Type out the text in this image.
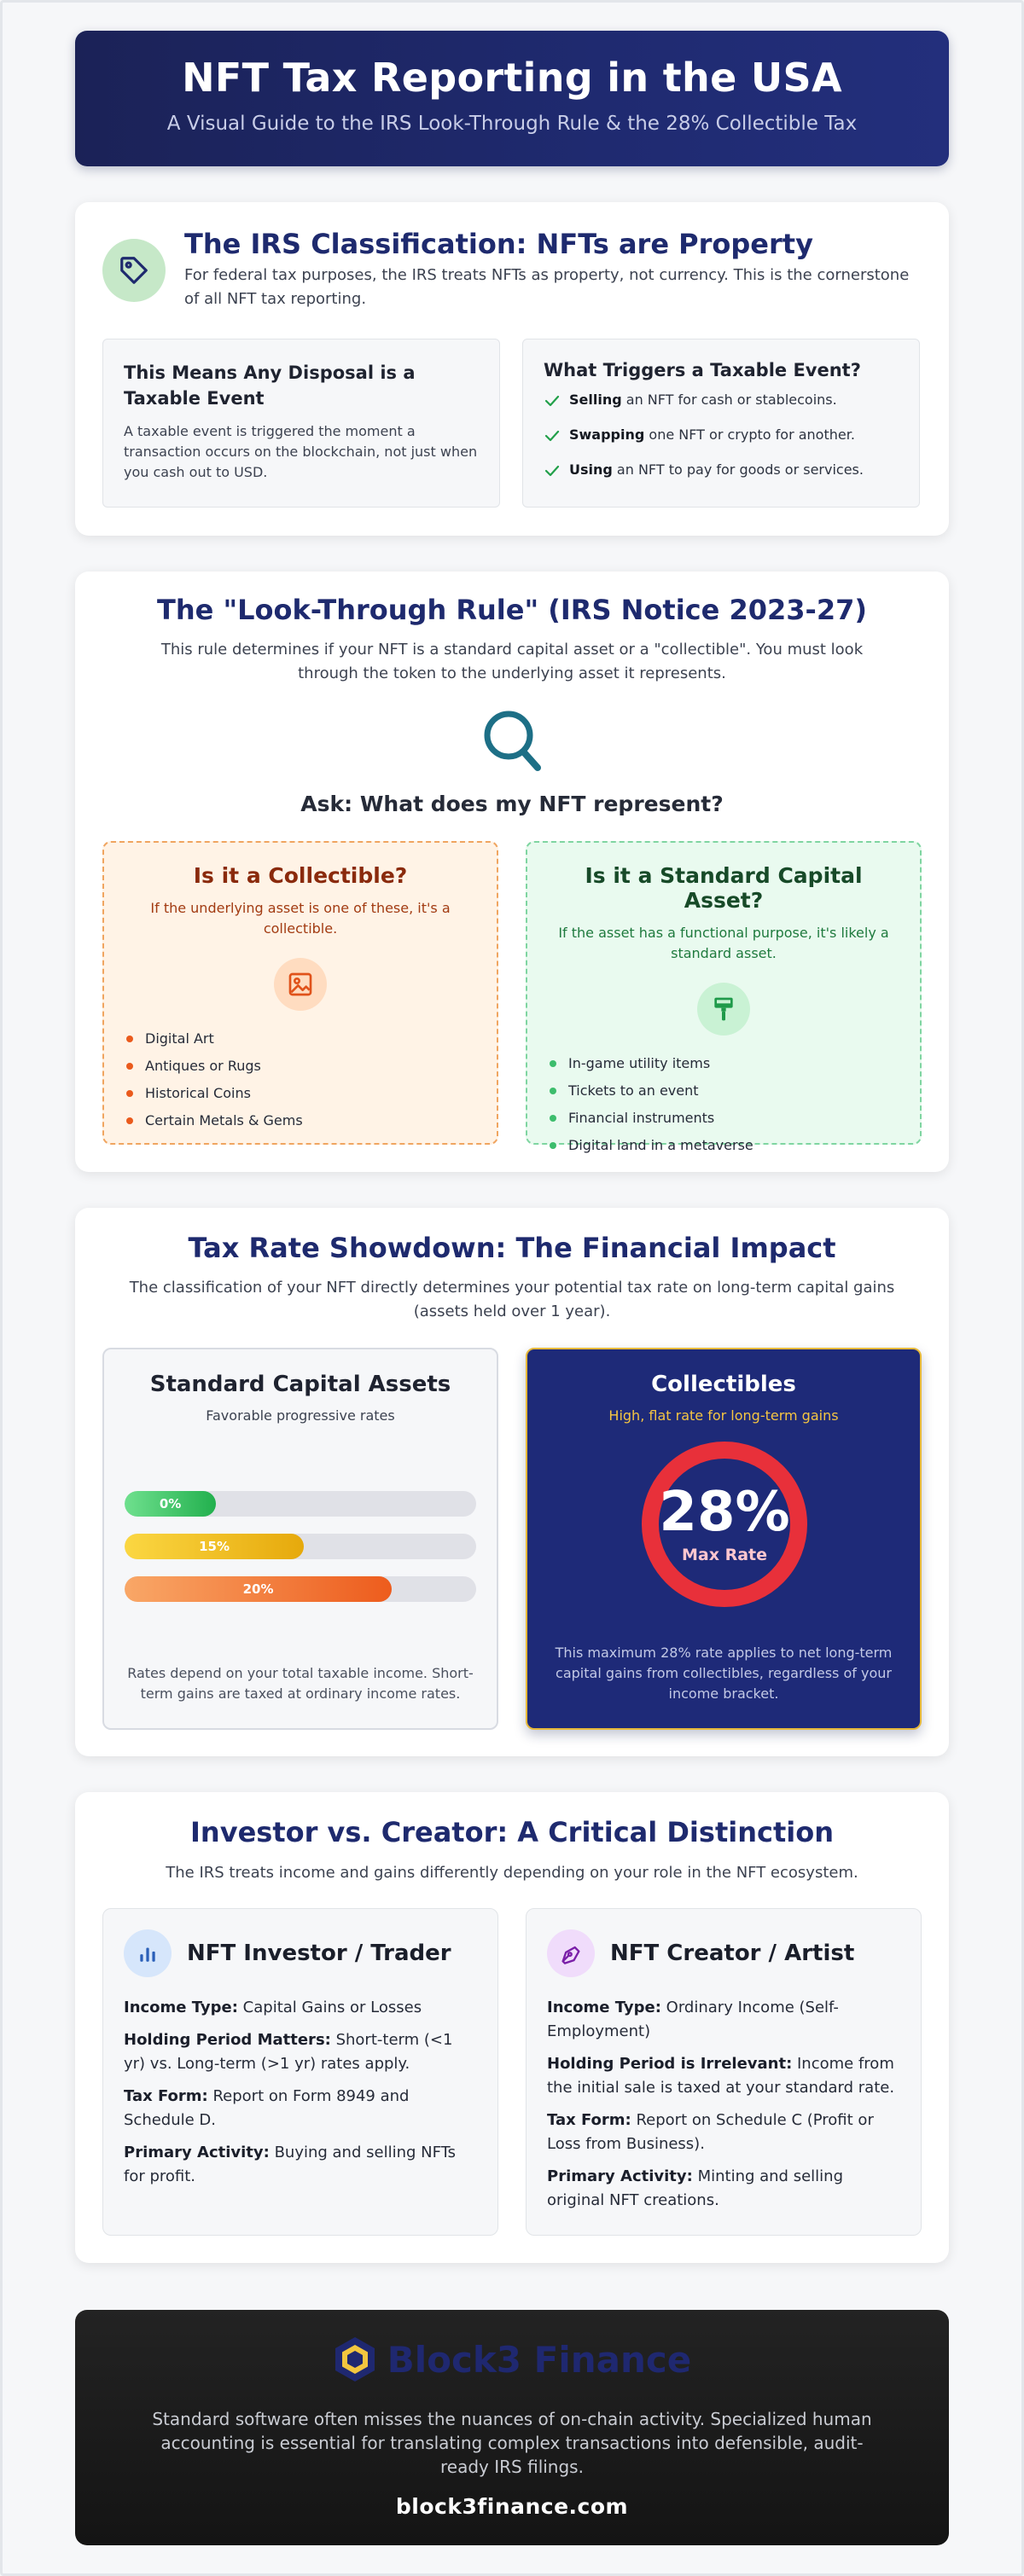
NFT Tax Reporting in the USA

A Visual Guide to the IRS Look-Through Rule & the 28% Collectible Tax

The IRS Classification: NFTs are Property

For federal tax purposes, the IRS treats NFTs as property, not currency. This is the cornerstone of all NFT tax reporting.

This Means Any Disposal is a Taxable Event

A taxable event is triggered the moment a transaction occurs on the blockchain, not just when you cash out to USD.

What Triggers a Taxable Event?
Selling an NFT for cash or stablecoins.
Swapping one NFT or crypto for another.
Using an NFT to pay for goods or services.
The "Look-Through Rule" (IRS Notice 2023-27)

This rule determines if your NFT is a standard capital asset or a "collectible". You must look through the token to the underlying asset it represents.

Ask: What does my NFT represent?
Is it a Collectible?

If the underlying asset is one of these, it's a collectible.

Digital Art
Antiques or Rugs
Historical Coins
Certain Metals & Gems
Is it a Standard Capital Asset?

If the asset has a functional purpose, it's likely a standard asset.

In-game utility items
Tickets to an event
Financial instruments
Digital land in a metaverse
Tax Rate Showdown: The Financial Impact

The classification of your NFT directly determines your potential tax rate on long-term capital gains (assets held over 1 year).

Standard Capital Assets

Favorable progressive rates

0%
15%
20%

Rates depend on your total taxable income. Short-term gains are taxed at ordinary income rates.

Collectibles

High, flat rate for long-term gains

28%
Max Rate

This maximum 28% rate applies to net long-term capital gains from collectibles, regardless of your income bracket.

Investor vs. Creator: A Critical Distinction

The IRS treats income and gains differently depending on your role in the NFT ecosystem.

NFT Investor / Trader

Income Type: Capital Gains or Losses

Holding Period Matters: Short-term (<1 yr) vs. Long-term (>1 yr) rates apply.

Tax Form: Report on Form 8949 and Schedule D.

Primary Activity: Buying and selling NFTs for profit.

NFT Creator / Artist

Income Type: Ordinary Income (Self-Employment)

Holding Period is Irrelevant: Income from the initial sale is taxed at your standard rate.

Tax Form: Report on Schedule C (Profit or Loss from Business).

Primary Activity: Minting and selling original NFT creations.

Block3 Finance

Standard software often misses the nuances of on-chain activity. Specialized human accounting is essential for translating complex transactions into defensible, audit-ready IRS filings.

block3finance.com
